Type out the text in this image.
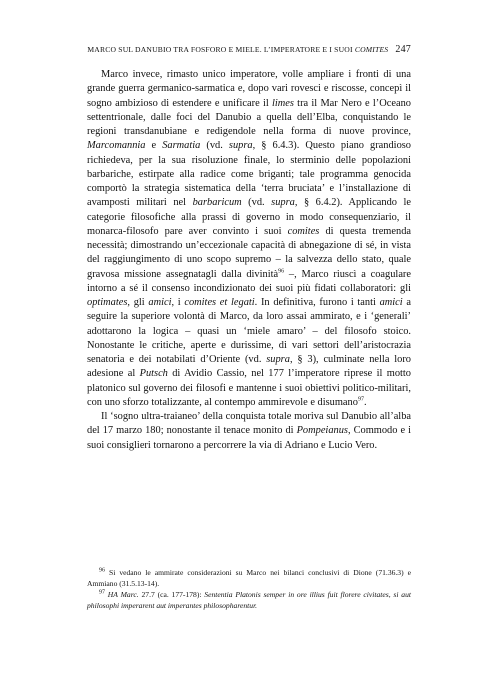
MARCO SUL DANUBIO TRA FOSFORO E MIELE. L’IMPERATORE E I SUOI COMITES 247

Marco invece, rimasto unico imperatore, volle ampliare i fronti di una grande guerra germanico-sarmatica e, dopo vari rovesci e riscosse, concepì il sogno ambizioso di estendere e unificare il limes tra il Mar Nero e l’Oceano settentrionale, dalle foci del Danubio a quella dell’Elba, conquistando le regioni transdanubiane e redigendole nella forma di nuove province, Marcomannia e Sarmatia (vd. supra, § 6.4.3). Questo piano grandioso richiedeva, per la sua risoluzione finale, lo sterminio delle popolazioni barbariche, estirpate alla radice come briganti; tale programma genocida comportò la strategia sistematica della ‘terra bruciata’ e l’installazione di avamposti militari nel barbaricum (vd. supra, § 6.4.2). Applicando le categorie filosofiche alla prassi di governo in modo consequenziario, il monarca-filosofo pare aver convinto i suoi comites di questa tremenda necessità; dimostrando un’eccezionale capacità di abnegazione di sé, in vista del raggiungimento di uno scopo supremo – la salvezza dello stato, quale gravosa missione assegnatagli dalla divinità$^{96}$ –, Marco riuscì a coagulare intorno a sé il consenso incondizionato dei suoi più fidati collaboratori: gli optimates, gli amici, i comites et legati. In definitiva, furono i tanti amici a seguire la superiore volontà di Marco, da loro assai ammirato, e i ‘generali’ adottarono la logica – quasi un ‘miele amaro’ – del filosofo stoico. Nonostante le critiche, aperte e durissime, di vari settori dell’aristocrazia senatoria e dei notabilati d’Oriente (vd. supra, § 3), culminate nella loro adesione al Putsch di Avidio Cassio, nel 177 l’imperatore riprese il motto platonico sul governo dei filosofi e mantenne i suoi obiettivi politico-militari, con uno sforzo totalizzante, al contempo ammirevole e disumano$^{97}$.

Il ‘sogno ultra-traianeo’ della conquista totale moriva sul Danubio all’alba del 17 marzo 180; nonostante il tenace monito di Pompeianus, Commodo e i suoi consiglieri tornarono a percorrere la via di Adriano e Lucio Vero.

$^{96}$ Si vedano le ammirate considerazioni su Marco nei bilanci conclusivi di Dione (71.36.3) e Ammiano (31.5.13-14).

$^{97}$ HA Marc. 27.7 (ca. 177-178): Sententia Platonis semper in ore illius fuit florere civitates, si aut philosophi imperarent aut imperantes philosopharentur.
